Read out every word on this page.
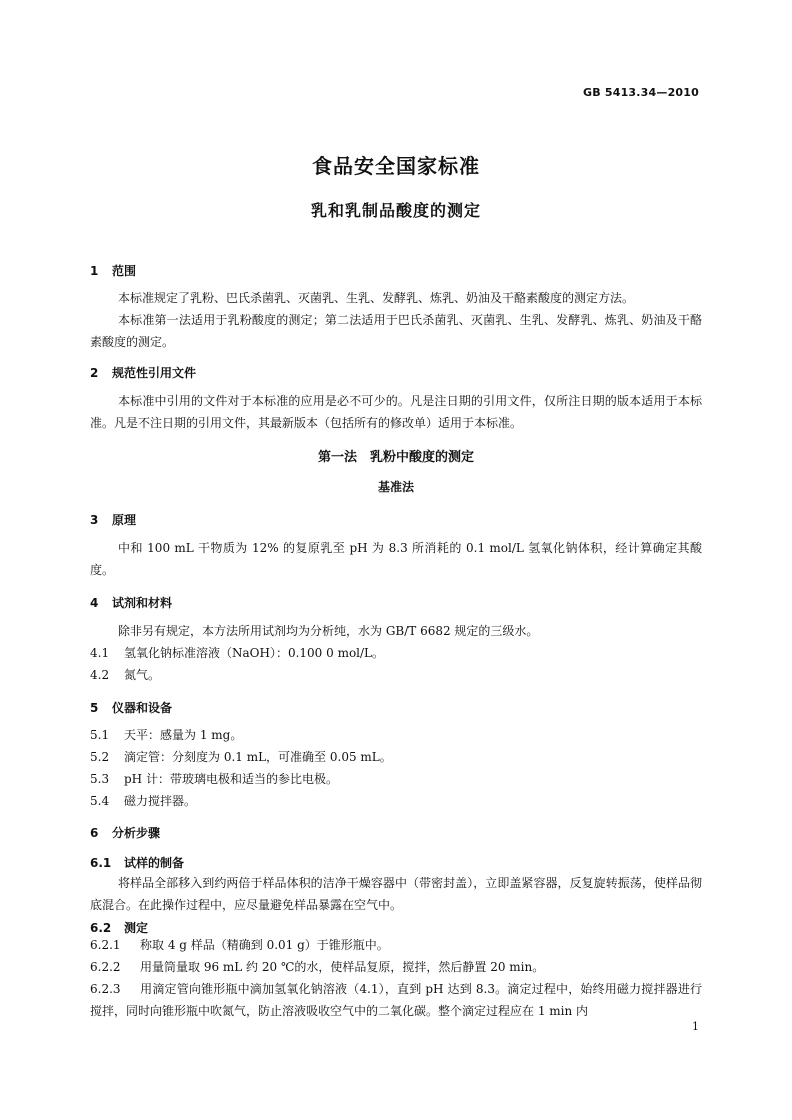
GB 5413.34—2010
食品安全国家标准
乳和乳制品酸度的测定
1 范围
本标准规定了乳粉、巴氏杀菌乳、灭菌乳、生乳、发酵乳、炼乳、奶油及干酪素酸度的测定方法。
本标准第一法适用于乳粉酸度的测定；第二法适用于巴氏杀菌乳、灭菌乳、生乳、发酵乳、炼乳、奶油及干酪素酸度的测定。
2 规范性引用文件
本标准中引用的文件对于本标准的应用是必不可少的。凡是注日期的引用文件，仅所注日期的版本适用于本标准。凡是不注日期的引用文件，其最新版本（包括所有的修改单）适用于本标准。
第一法　乳粉中酸度的测定
基准法
3 原理
中和 100 mL 干物质为 12% 的复原乳至 pH 为 8.3 所消耗的 0.1 mol/L 氢氧化钠体积，经计算确定其酸度。
4 试剂和材料
除非另有规定，本方法所用试剂均为分析纯，水为 GB/T 6682 规定的三级水。
4.1 氢氧化钠标准溶液（NaOH）：0.100 0 mol/L。
4.2 氮气。
5 仪器和设备
5.1 天平：感量为 1 mg。
5.2 滴定管：分刻度为 0.1 mL，可准确至 0.05 mL。
5.3 pH 计：带玻璃电极和适当的参比电极。
5.4 磁力搅拌器。
6 分析步骤
6.1 试样的制备
将样品全部移入到约两倍于样品体积的洁净干燥容器中（带密封盖），立即盖紧容器，反复旋转振荡，使样品彻底混合。在此操作过程中，应尽量避免样品暴露在空气中。
6.2 测定
6.2.1 称取 4 g 样品（精确到 0.01 g）于锥形瓶中。
6.2.2 用量筒量取 96 mL 约 20 ℃的水，使样品复原，搅拌，然后静置 20 min。
6.2.3 用滴定管向锥形瓶中滴加氢氧化钠溶液（4.1），直到 pH 达到 8.3。滴定过程中，始终用磁力搅拌器进行搅拌，同时向锥形瓶中吹氮气，防止溶液吸收空气中的二氧化碳。整个滴定过程应在 1 min 内
1
